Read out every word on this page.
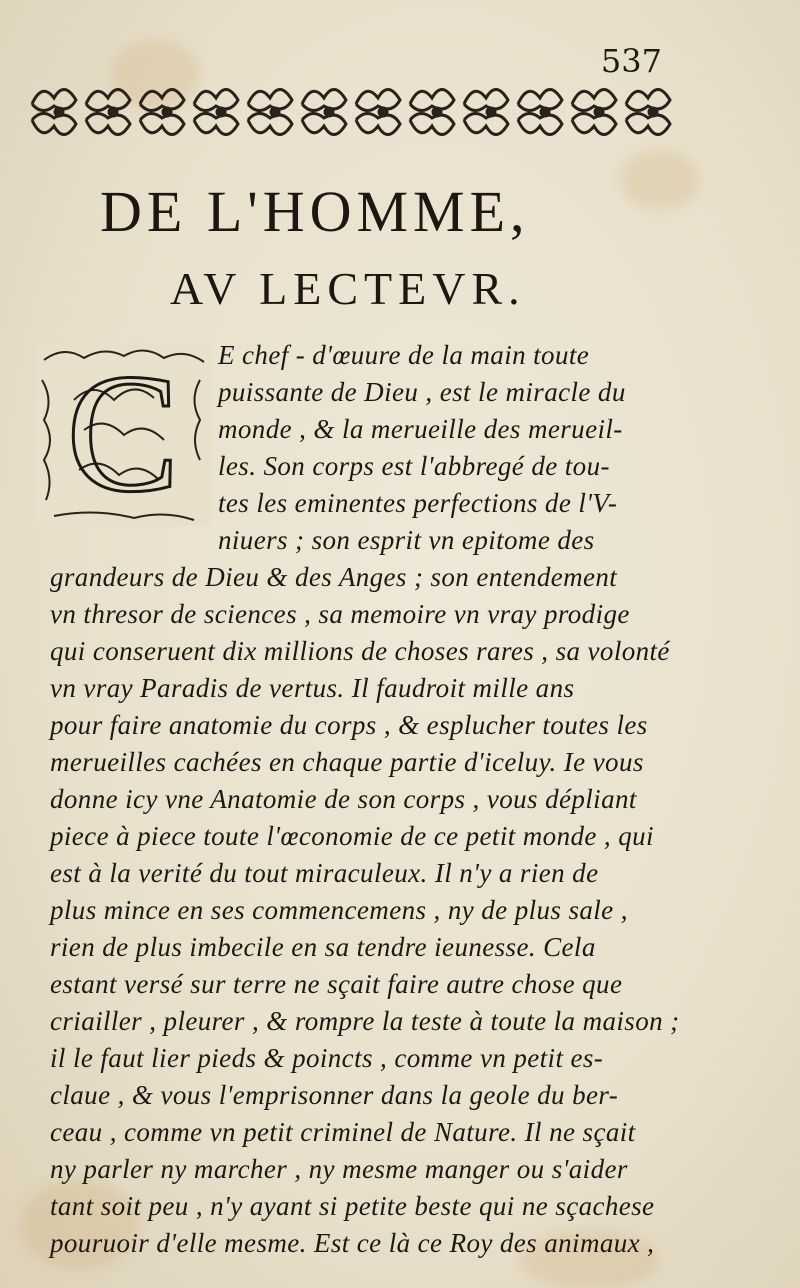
537
DE L'HOMME,
AV LECTEVR.
C E chef - d'œuure de la main toute
puissante de Dieu , est le miracle du
monde , & la merueille des merueil-
les. Son corps est l'abbregé de tou-
tes les eminentes perfections de l'V-
niuers ; son esprit vn epitome des
grandeurs de Dieu & des Anges ; son entendement
vn thresor de sciences , sa memoire vn vray prodige
qui conseruent dix millions de choses rares , sa volonté
vn vray Paradis de vertus. Il faudroit mille ans
pour faire anatomie du corps , & esplucher toutes les
merueilles cachées en chaque partie d'iceluy. Ie vous
donne icy vne Anatomie de son corps , vous dépliant
piece à piece toute l'œconomie de ce petit monde , qui
est à la verité du tout miraculeux. Il n'y a rien de
plus mince en ses commencemens , ny de plus sale ,
rien de plus imbecile en sa tendre ieunesse. Cela
estant versé sur terre ne sçait faire autre chose que
criailler , pleurer , & rompre la teste à toute la maison ;
il le faut lier pieds & poincts , comme vn petit es-
claue , & vous l'emprisonner dans la geole du ber-
ceau , comme vn petit criminel de Nature. Il ne sçait
ny parler ny marcher , ny mesme manger ou s'aider
tant soit peu , n'y ayant si petite beste qui ne sçachese
pouruoir d'elle mesme. Est ce là ce Roy des animaux ,
